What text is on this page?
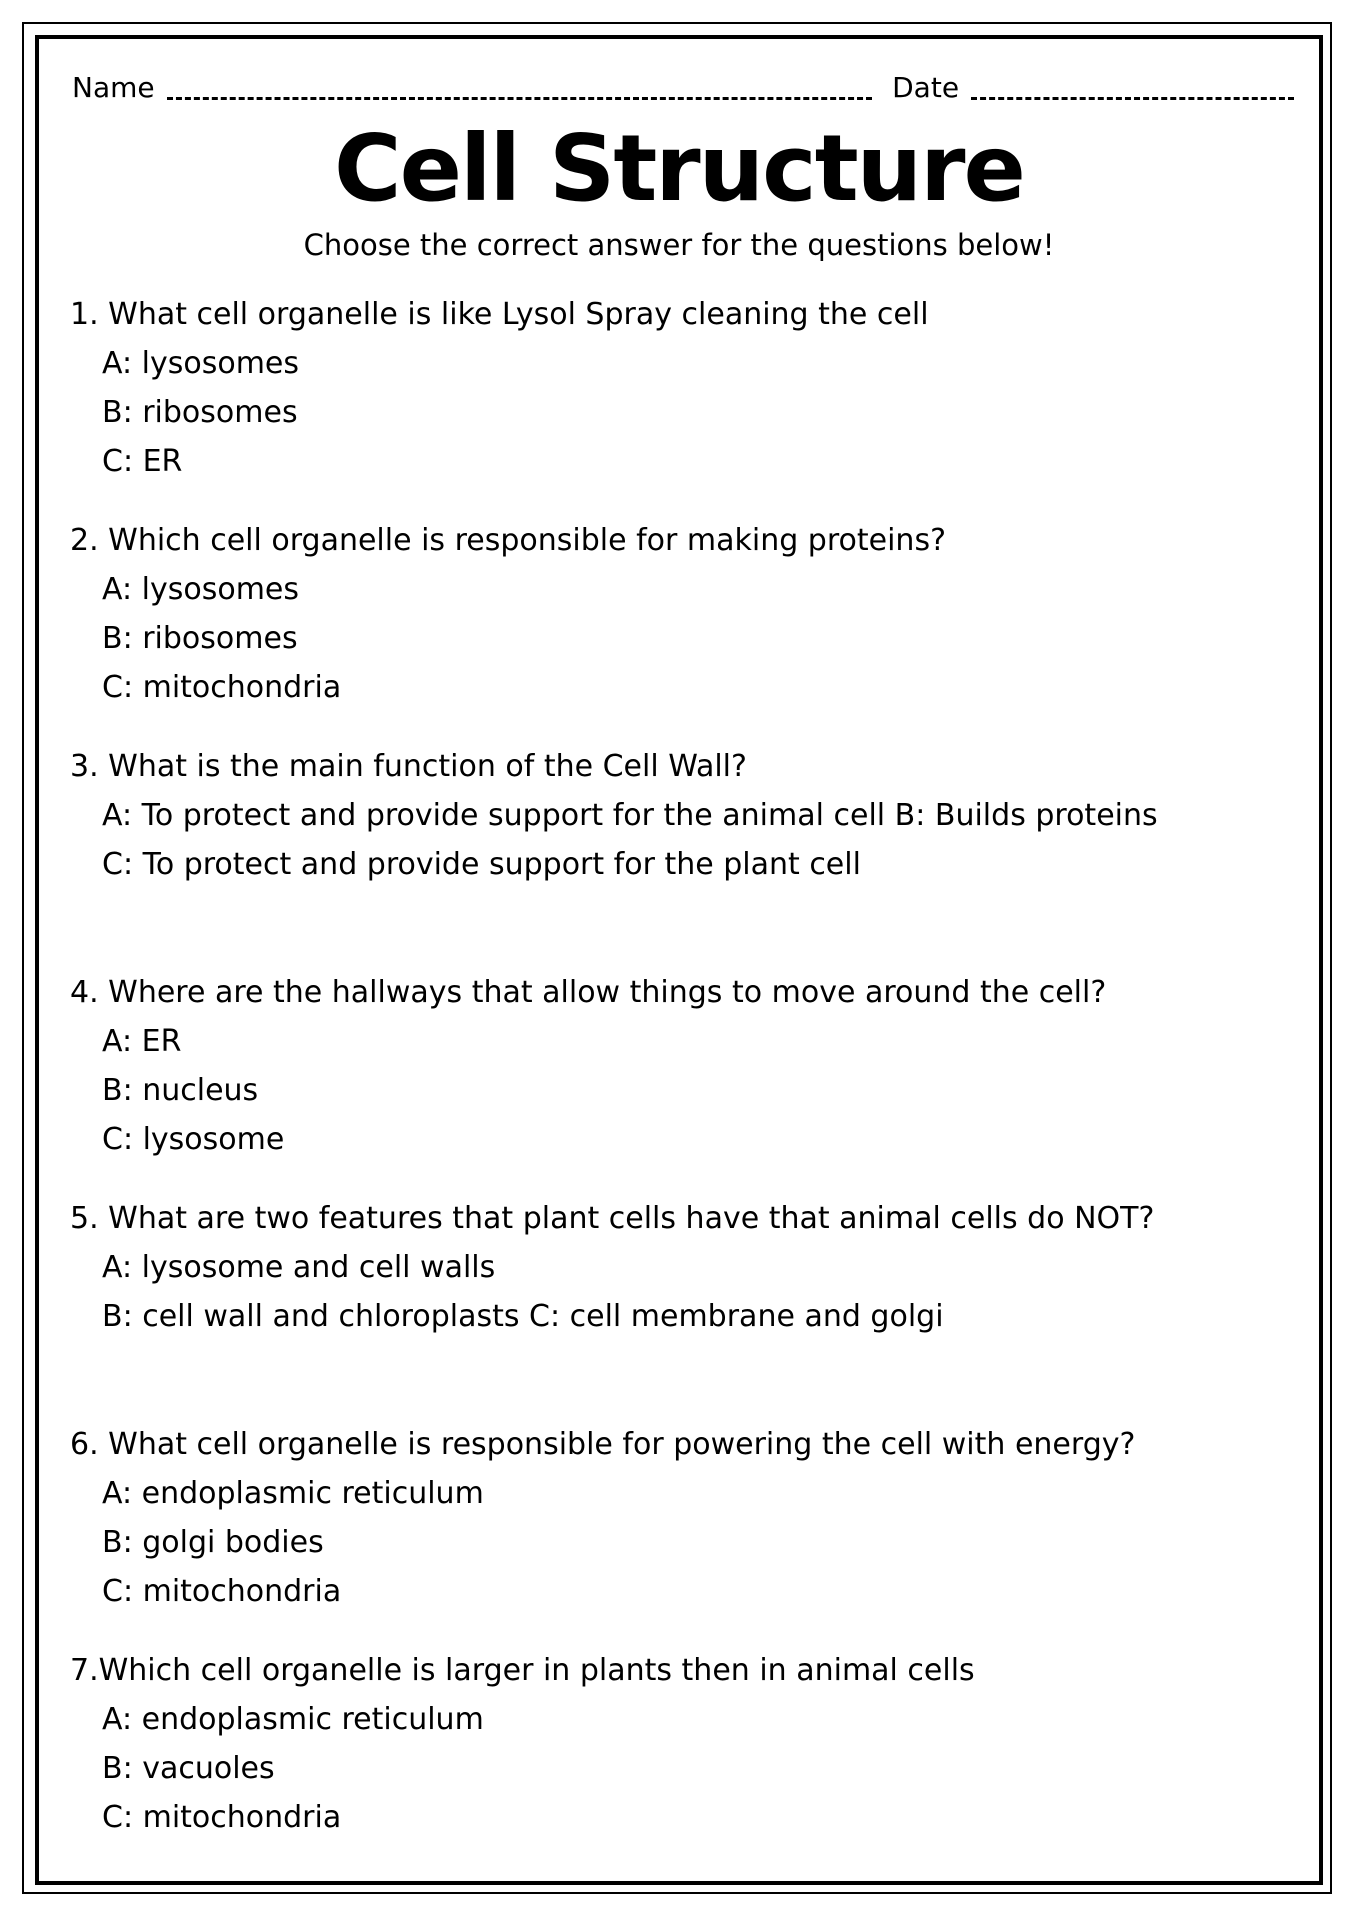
Name	Date
Cell Structure
Choose the correct answer for the questions below!
1. What cell organelle is like Lysol Spray cleaning the cell
A: lysosomes
B: ribosomes
C: ER
2. Which cell organelle is responsible for making proteins?
A: lysosomes
B: ribosomes
C: mitochondria
3. What is the main function of the Cell Wall?
A: To protect and provide support for the animal cell B: Builds proteins
C: To protect and provide support for the plant cell
4. Where are the hallways that allow things to move around the cell?
A: ER
B: nucleus
C: lysosome
5. What are two features that plant cells have that animal cells do NOT?
A: lysosome and cell walls
B: cell wall and chloroplasts C: cell membrane and golgi
6. What cell organelle is responsible for powering the cell with energy?
A: endoplasmic reticulum
B: golgi bodies
C: mitochondria
7.Which cell organelle is larger in plants then in animal cells
A: endoplasmic reticulum
B: vacuoles
C: mitochondria
